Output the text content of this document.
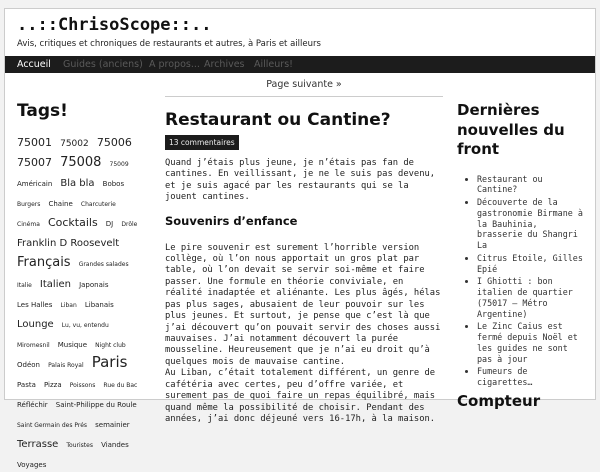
..::ChrisoScope::..
Avis, critiques et chroniques de restaurants et autres, à Paris et ailleurs
Accueil Guides (anciens) A propos... Archives Ailleurs!
Tags!
75001 75002 75006 75007 75008 75009 Américain Bla bla Bobos Burgers Chaine Charcuterie Cinéma Cocktails DJ Drôle Franklin D Roosevelt Français Grandes salades Italie Italien Japonais Les Halles Liban Libanais Lounge Lu, vu, entendu Miromesnil Musique Night club Odéon Palais Royal Paris Pasta Pizza Poissons Rue du Bac Réfléchir Saint-Philippe du Roule Saint Germain des Prés semainier Terrasse Touristes Viandes Voyages
Page suivante »
Restaurant ou Cantine?
13 commentaires

Quand j’étais plus jeune, je n’étais pas fan de cantines. En veillissant, je ne le suis pas devenu, et je suis agacé par les restaurants qui se la jouent cantines.

Souvenirs d’enfance

Le pire souvenir est surement l’horrible version collège, où l’on nous apportait un gros plat par table, où l’on devait se servir soi-même et faire passer. Une formule en théorie conviviale, en réalité inadaptée et aliénante. Les plus âgés, hélas pas plus sages, abusaient de leur pouvoir sur les plus jeunes. Et surtout, je pense que c’est là que j’ai découvert qu’on pouvait servir des choses aussi mauvaises. J’ai notamment découvert la purée mousseline. Heureusement que je n’ai eu droit qu’à quelques mois de mauvaise cantine.

Au Liban, c’était totalement différent, un genre de cafétéria avec certes, peu d’offre variée, et surement pas de quoi faire un repas équilibré, mais quand même la possibilité de choisir. Pendant des années, j’ai donc déjeuné vers 16-17h, à la maison.

Dernières nouvelles du front
• Restaurant ou Cantine?
• Découverte de la gastronomie Birmane à la Bauhinia, brasserie du Shangri La
• Citrus Etoile, Gilles Epié
• I Ghiotti : bon italien de quartier (75017 – Métro Argentine)
• Le Zinc Caius est fermé depuis Noël et les guides ne sont pas à jour
• Fumeurs de cigarettes…
Compteur
